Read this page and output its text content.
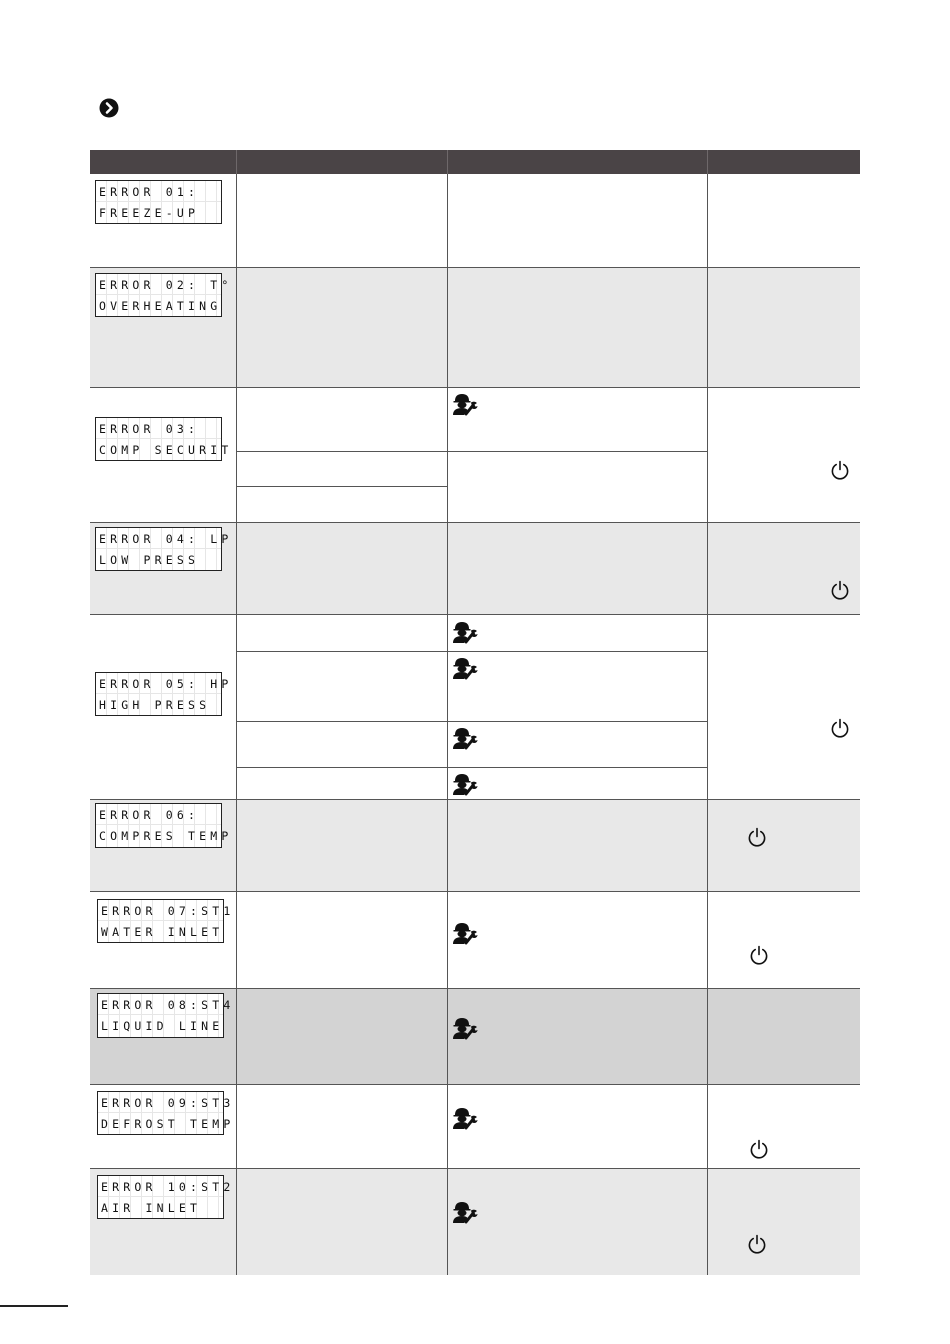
ERROR 01:
FREEZE-UP
ERROR 02: T°
OVERHEATING
ERROR 03:
COMP SECURIT
ERROR 04: LP
LOW PRESS
ERROR 05: HP
HIGH PRESS
ERROR 06:
COMPRES TEMP
ERROR 07:ST1
WATER INLET
ERROR 08:ST4
LIQUID LINE
ERROR 09:ST3
DEFROST TEMP
ERROR 10:ST2
AIR INLET
